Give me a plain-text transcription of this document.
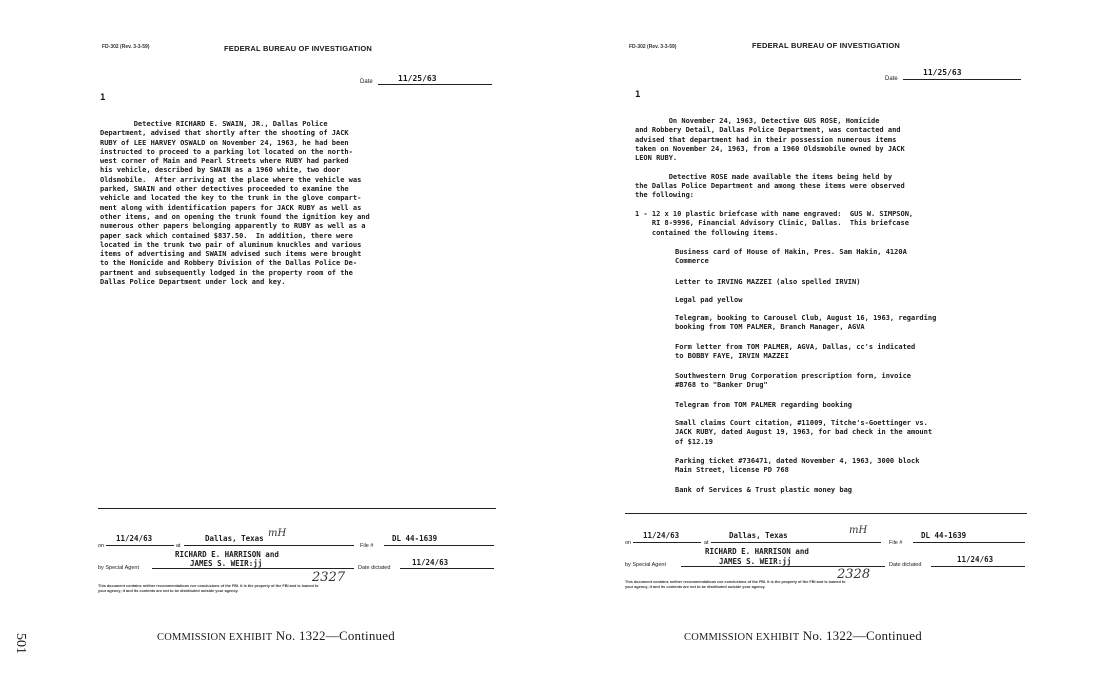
501
FD-302 (Rev. 3-3-59)	FEDERAL BUREAU OF INVESTIGATION
Date	11/25/63
1
Detective RICHARD E. SWAIN, JR., Dallas Police
Department, advised that shortly after the shooting of JACK
RUBY of LEE HARVEY OSWALD on November 24, 1963, he had been
instructed to proceed to a parking lot located on the north-
west corner of Main and Pearl Streets where RUBY had parked
his vehicle, described by SWAIN as a 1960 white, two door
Oldsmobile.  After arriving at the place where the vehicle was
parked, SWAIN and other detectives proceeded to examine the
vehicle and located the key to the trunk in the glove compart-
ment along with identification papers for JACK RUBY as well as
other items, and on opening the trunk found the ignition key and
numerous other papers belonging apparently to RUBY as well as a
paper sack which contained $837.50.  In addition, there were
located in the trunk two pair of aluminum knuckles and various
items of advertising and SWAIN advised such items were brought
to the Homicide and Robbery Division of the Dallas Police De-
partment and subsequently lodged in the property room of the
Dallas Police Department under lock and key.
on
11/24/63
at
Dallas, Texas mH
File #
DL 44-1639
RICHARD E. HARRISON and
by Special Agent	JAMES S. WEIR:jj	Date dictated
11/24/63
2327
This document contains neither recommendations nor conclusions of the FBI. It is the property of the FBI and is loaned to
your agency; it and its contents are not to be distributed outside your agency.
COMMISSION EXHIBIT No. 1322—Continued
FD-302 (Rev. 3-3-59)	FEDERAL BUREAU OF INVESTIGATION
Date
11/25/63
1
On November 24, 1963, Detective GUS ROSE, Homicide
and Robbery Detail, Dallas Police Department, was contacted and
advised that department had in their possession numerous items
taken on November 24, 1963, from a 1960 Oldsmobile owned by JACK
LEON RUBY.

Detective ROSE made available the items being held by
the Dallas Police Department and among these items were observed
the following:

1 - 12 x 10 plastic briefcase with name engraved:  GUS W. SIMPSON,
RI 8-9996, Financial Advisory Clinic, Dallas.  This briefcase
contained the following items.
Business card of House of Hakin, Pres. Sam Hakin, 4120A
Commerce
Letter to IRVING MAZZEI (also spelled IRVIN)
Legal pad yellow
Telegram, booking to Carousel Club, August 16, 1963, regarding
booking from TOM PALMER, Branch Manager, AGVA
Form letter from TOM PALMER, AGVA, Dallas, cc's indicated
to BOBBY FAYE, IRVIN MAZZEI
Southwestern Drug Corporation prescription form, invoice
#B768 to "Banker Drug"
Telegram from TOM PALMER regarding booking
Small claims Court citation, #11009, Titche's-Goettinger vs.
JACK RUBY, dated August 19, 1963, for bad check in the amount
of $12.19
Parking ticket #736471, dated November 4, 1963, 3000 block
Main Street, license PD 768
Bank of Services & Trust plastic money bag
on
11/24/63
at
Dallas, Texas	mH
File #
DL 44-1639
RICHARD E. HARRISON and
by Special Agent	JAMES S. WEIR:jj	Date dictated
11/24/63
2328
This document contains neither recommendations nor conclusions of the FBI. It is the property of the FBI and is loaned to
your agency; it and its contents are not to be distributed outside your agency.
COMMISSION EXHIBIT No. 1322—Continued
